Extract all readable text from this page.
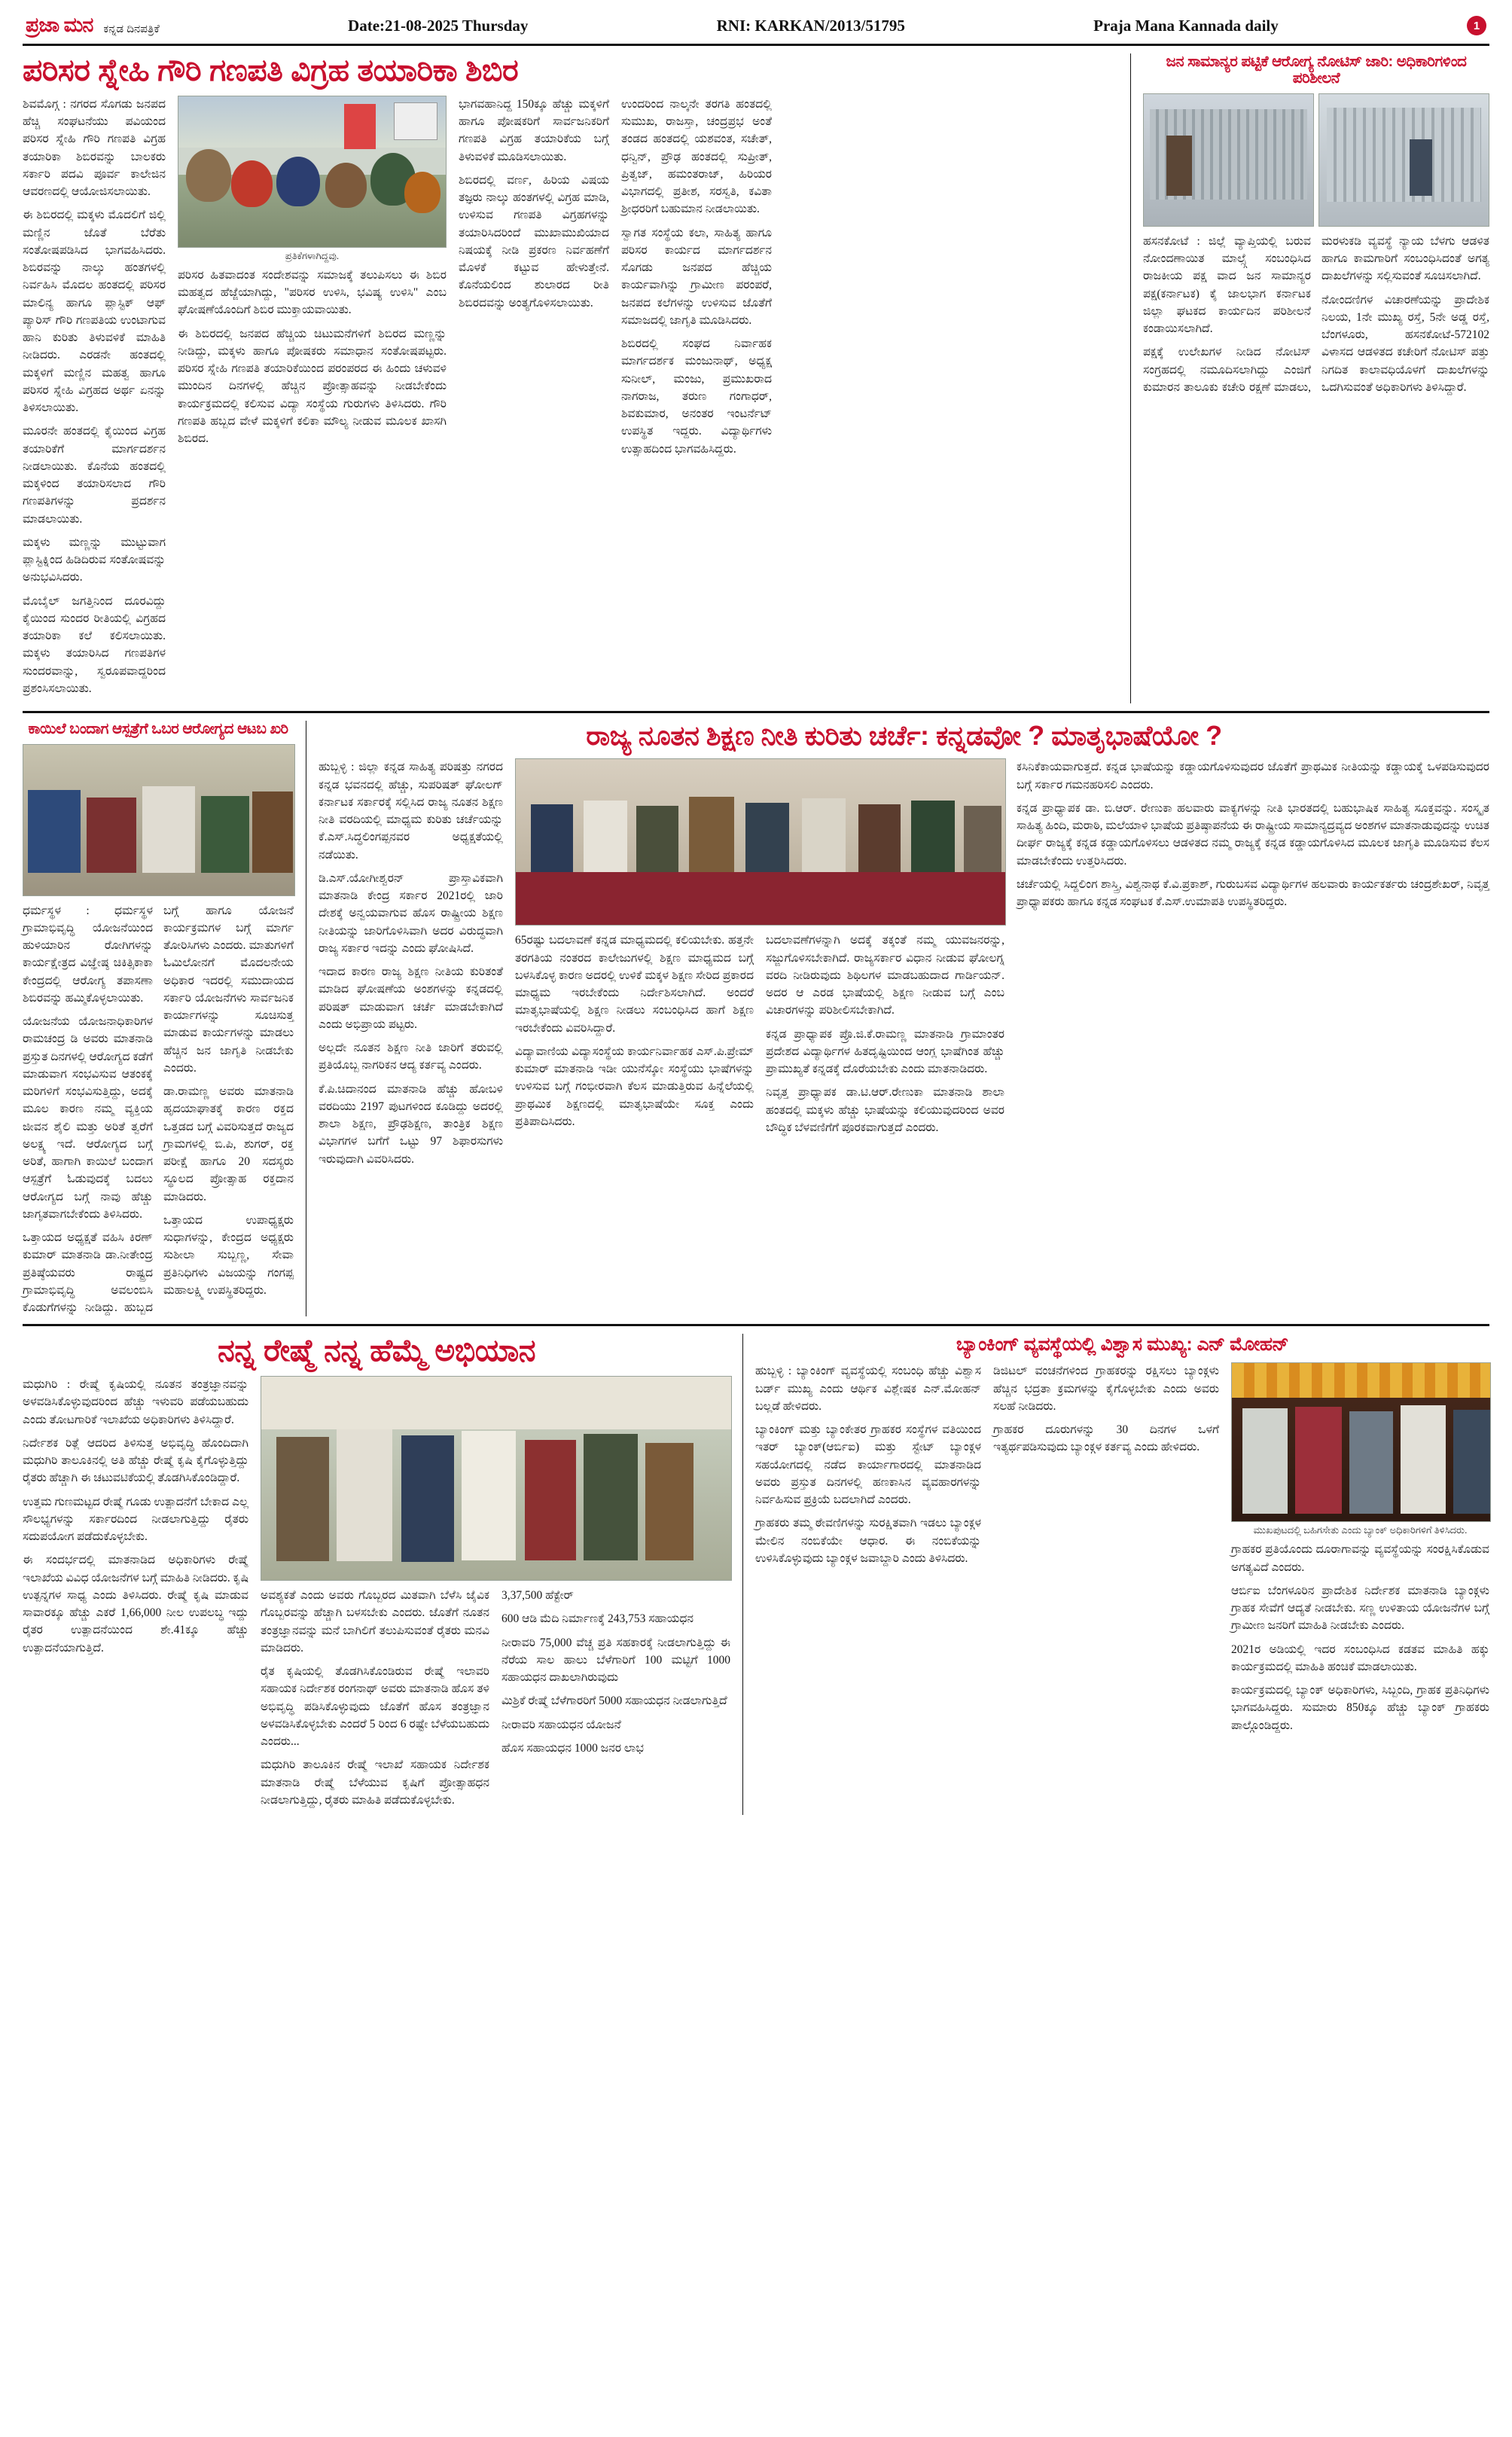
ಪ್ರಜಾ ಮನ ಕನ್ನಡ ದಿನಪತ್ರಿಕೆ	Date:21-08-2025 Thursday	RNI: KARKAN/2013/51795	Praja Mana Kannada daily	1
ಪರಿಸರ ಸ್ನೇಹಿ ಗೌರಿ ಗಣಪತಿ ವಿಗ್ರಹ ತಯಾರಿಕಾ ಶಿಬಿರ

ಶಿವಮೊಗ್ಗ : ನಗರದ ಸೊಗಡು ಜನಪದ ಹೆಚ್ಚಿ ಸಂಘಟನೆಯು ಪವಿಯಂದ ಪರಿಸರ ಸ್ನೇಹಿ ಗೌರಿ ಗಣಪತಿ ವಿಗ್ರಹ ತಯಾರಿಕಾ ಶಿಬಿರವನ್ನು ಬಾಲಕರು ಸರ್ಕಾರಿ ಪದವಿ ಪೂರ್ವ ಕಾಲೇಜಿನ ಆವರಣದಲ್ಲಿ ಆಯೋಜಿಸಲಾಯಿತು.

ಈ ಶಿಬಿರದಲ್ಲಿ ಮಕ್ಕಳು ಮೊದಲಿಗೆ ಜಿಲ್ಲಿ ಮಣ್ಣಿನ ಜೊತೆ ಬೆರೆತು ಸಂತೋಷಪಡಿಸಿದ ಭಾಗವಹಿಸಿದರು. ಶಿಬಿರವನ್ನು ನಾಲ್ಕು ಹಂತಗಳಲ್ಲಿ ನಿರ್ವಹಿಸಿ ಮೊದಲ ಹಂತದಲ್ಲಿ ಪರಿಸರ ಮಾಲಿನ್ಯ ಹಾಗೂ ಪ್ಲಾಸ್ಟಿಕ್ ಆಫ್ ಪ್ಯಾರಿಸ್ ಗೌರಿ ಗಣಪತಿಯ ಉಂಟಾಗುವ ಹಾನಿ ಕುರಿತು ತಿಳುವಳಿಕೆ ಮಾಹಿತಿ ನೀಡಿದರು. ಎರಡನೇ ಹಂತದಲ್ಲಿ ಮಕ್ಕಳಿಗೆ ಮಣ್ಣಿನ ಮಹತ್ವ ಹಾಗೂ ಪರಿಸರ ಸ್ನೇಹಿ ವಿಗ್ರಹದ ಅರ್ಥ ಏನನ್ನು ತಿಳಿಸಲಾಯಿತು.

ಮೂರನೇ ಹಂತದಲ್ಲಿ ಕೈಯಿಂದ ವಿಗ್ರಹ ತಯಾರಿಕೆಗೆ ಮಾರ್ಗದರ್ಶನ ನೀಡಲಾಯಿತು. ಕೊನೆಯ ಹಂತದಲ್ಲಿ ಮಕ್ಕಳಿಂದ ತಯಾರಿಸಲಾದ ಗೌರಿ ಗಣಪತಿಗಳನ್ನು ಪ್ರದರ್ಶನ ಮಾಡಲಾಯಿತು.

ಮಕ್ಕಳು ಮಣ್ಣನ್ನು ಮುಟ್ಟುವಾಗ ಪ್ಲಾಸ್ಟಿಕ್ನಿಂದ ಹಿಡಿದಿರುವ ಸಂತೋಷವನ್ನು ಅನುಭವಿಸಿದರು.

ಮೊಬೈಲ್ ಜಗತ್ತಿನಿಂದ ದೂರವಿದ್ದು ಕೈಯಿಂದ ಸುಂದರ ರೀತಿಯಲ್ಲಿ ವಿಗ್ರಹದ ತಯಾರಿಕಾ ಕಲೆ ಕಲಿಸಲಾಯಿತು. ಮಕ್ಕಳು ತಯಾರಿಸಿದ ಗಣಪತಿಗಳ ಸುಂದರವಾನ್ನು, ಸ್ವರೂಪವಾದ್ದರಿಂದ ಪ್ರಶಂಸಿಸಲಾಯಿತು.

ಪ್ರತಿಕೆಗಳಾಗಿದ್ದವು.

ಪರಿಸರ ಹಿತವಾದಂತ ಸಂದೇಶವನ್ನು ಸಮಾಜಕ್ಕೆ ತಲುಪಿಸಲು ಈ ಶಿಬಿರ ಮಹತ್ವದ ಹೆಜ್ಜೆಯಾಗಿದ್ದು, "ಪರಿಸರ ಉಳಿಸಿ, ಭವಿಷ್ಯ ಉಳಿಸಿ" ಎಂಬ ಘೋಷಣೆಯೊಂದಿಗೆ ಶಿಬಿರ ಮುಕ್ತಾಯವಾಯಿತು.

ಈ ಶಿಬಿರದಲ್ಲಿ ಜನಪದ ಹೆಚ್ಚಿಯ ಚಿಟುಮನೆಗಳಿಗೆ ಶಿಬಿರದ ಮಣ್ಣನ್ನು ನೀಡಿದ್ದು, ಮಕ್ಕಳು ಹಾಗೂ ಪೋಷಕರು ಸಮಾಧಾನ ಸಂತೋಷಪಟ್ಟರು. ಪರಿಸರ ಸ್ನೇಹಿ ಗಣಪತಿ ತಯಾರಿಕೆಯಿಂದ ಪರಂಪರದ ಈ ಹಿಂದು ಚಳುವಳಿ ಮುಂದಿನ ದಿನಗಳಲ್ಲಿ ಹೆಚ್ಚಿನ ಪ್ರೋತ್ಸಾಹವನ್ನು ನೀಡಬೇಕೆಂದು ಕಾರ್ಯಕ್ರಮದಲ್ಲಿ ಕಲಿಸುವ ವಿದ್ಯಾ ಸಂಸ್ಥೆಯ ಗುರುಗಳು ತಿಳಿಸಿದರು. ಗೌರಿ ಗಣಪತಿ ಹಬ್ಬದ ವೇಳೆ ಮಕ್ಕಳಿಗೆ ಕಲಿಕಾ ಮೌಲ್ಯ ನೀಡುವ ಮೂಲಕ ಖಾಸಗಿ ಶಿಬಿರದ.

ಭಾಗವಹಾನಿದ್ದ 150ಕ್ಕೂ ಹೆಚ್ಚು ಮಕ್ಕಳಿಗೆ ಹಾಗೂ ಪೋಷಕರಿಗೆ ಸಾರ್ವಜನಿಕರಿಗೆ ಗಣಪತಿ ವಿಗ್ರಹ ತಯಾರಿಕೆಯ ಬಗ್ಗೆ ತಿಳುವಳಿಕೆ ಮೂಡಿಸಲಾಯಿತು.

ಶಿಬಿರದಲ್ಲಿ ವರ್ಣ, ಹಿರಿಯ ವಿಷಯ ತಜ್ಞರು ನಾಲ್ಕು ಹಂತಗಳಲ್ಲಿ ವಿಗ್ರಹ ಮಾಡಿ, ಉಳಿಸುವ ಗಣಪತಿ ವಿಗ್ರಹಗಳನ್ನು ತಯಾರಿಸಿದರಿಂದೆ ಮುಖಾಮುಖಿಯಾದ ನಿಷಯಕ್ಕೆ ನೀಡಿ ಪ್ರಕರಣ ನಿರ್ವಹಣೆಗೆ ಮೊಳಕೆ ಕಟ್ಟುವ ಹೇಳುತ್ತೇನೆ. ಕೊನೆಯಲಿಂದ ಶುಲಾರದ ರೀತಿ ಶಿಬಿರದವನ್ನು ಅಂತ್ಯಗೊಳಿಸಲಾಯಿತು.

ಉಂದರಿಂದ ನಾಲ್ಕನೇ ತರಗತಿ ಹಂತದಲ್ಲಿ ಸುಮುಖ, ರಾಜಸ್ತಾ, ಚಂದ್ರಪ್ರಭ ಅಂತೆ ತಂಡದ ಹಂತದಲ್ಲಿ ಯಶವಂತ, ಸಚೇತ್, ಧನ್ವಿನ್, ಪ್ರೌಢ ಹಂತದಲ್ಲಿ ಸುಪ್ರೀತ್, ಪ್ರಿತ್ವಜ್, ಹಮಂತರಾಜ್, ಹಿರಿಯರ ವಿಭಾಗದಲ್ಲಿ ಪ್ರತೀಶ, ಸರಸ್ವತಿ, ಕವಿತಾ ಶ್ರೀಧರರಿಗೆ ಬಹುಮಾನ ನೀಡಲಾಯಿತು.

ಸ್ವಾಗತ ಸಂಸ್ಥೆಯ ಕಲಾ, ಸಾಹಿತ್ಯ ಹಾಗೂ ಪರಿಸರ ಕಾರ್ಯದ ಮಾರ್ಗದರ್ಶನ ಸೊಗಡು ಜನಪದ ಹೆಚ್ಚಿಯ ಕಾರ್ಯವಾಗಿನ್ನು ಗ್ರಾಮೀಣ ಪರಂಪರೆ, ಜನಪದ ಕಲೆಗಳನ್ನು ಉಳಿಸುವ ಜೊತೆಗೆ ಸಮಾಜದಲ್ಲಿ ಜಾಗೃತಿ ಮೂಡಿಸಿದರು.

ಶಿಬಿರದಲ್ಲಿ ಸಂಘದ ನಿರ್ವಾಹಕ ಮಾರ್ಗದರ್ಶಕ ಮಂಜುನಾಥ್, ಅಧ್ಯಕ್ಷ ಸುನೀಲ್, ಮಂಜು, ಪ್ರಮುಖರಾದ ನಾಗರಾಜ, ತರುಣ ಗಂಗಾಧರ್, ಶಿವಕುಮಾರ, ಅನಂತರ ಇಂಟರ್ನೆಟ್ ಉಪಸ್ಥಿತ ಇದ್ದರು. ವಿದ್ಯಾರ್ಥಿಗಳು ಉತ್ಸಾಹದಿಂದ ಭಾಗವಹಿಸಿದ್ದರು.

ಜನ ಸಾಮಾನ್ಯರ ಪಟ್ಟಿಕೆ ಆರೋಗ್ಯ ನೋಟಿಸ್ ಜಾರಿ: ಅಧಿಕಾರಿಗಳಿಂದ ಪರಿಶೀಲನೆ

ಹಸನಕೋಟೆ : ಜಿಲ್ಲೆ ವ್ಯಾಪ್ತಿಯಲ್ಲಿ ಬರುವ ನೋಂದಣಾಯಿತ ಮಾಲ್ಸ್ಗೆ ಸಂಬಂಧಿಸಿದ ರಾಜಕೀಯ ಪಕ್ಷ ವಾದ ಜನ ಸಾಮಾನ್ಯರ ಪಕ್ಷ(ಕರ್ನಾಟಕ) ಕೈ ಜಾಲಭಾಗ ಕರ್ನಾಟಕ ಜಿಲ್ಲಾ ಘಟಕದ ಕಾರ್ಯದಿನ ಪರಿಶೀಲನೆ ಕಂಡಾಯಿಸಲಾಗಿದೆ.

ಪಕ್ಷಕ್ಕೆ ಉಲೇಖಗಳ ನೀಡಿದ ನೋಟಿಸ್ ಸಂಗ್ರಹದಲ್ಲಿ ನಮೂದಿಸಲಾಗಿದ್ದು ಎಂಜಿಗೆ ಕುಮಾರನ ತಾಲೂಕು ಕಚೇರಿ ರಕ್ಷಣೆ ಮಾಡಲು, ಮರಳುಕಡಿ ವ್ಯವಸ್ಥೆ ನ್ಯಾಯ ಬೆಳಗು ಆಡಳಿತ ಹಾಗೂ ಕಾಮಗಾರಿಗೆ ಸಂಬಂಧಿಸಿದಂತೆ ಅಗತ್ಯ ದಾಖಲೆಗಳನ್ನು ಸಲ್ಲಿಸುವಂತೆ ಸೂಚಿಸಲಾಗಿದೆ.

ನೋಂದಣಿಗಳ ವಿಚಾರಣೆಯನ್ನು ಪ್ರಾದೇಶಿಕ ನಿಲಯ, 1ನೇ ಮುಖ್ಯ ರಸ್ತೆ, 5ನೇ ಅಡ್ಡ ರಸ್ತೆ, ಬೆಂಗಳೂರು, ಹಸನಕೋಟೆ-572102 ವಿಳಾಸದ ಆಡಳಿತದ ಕಚೇರಿಗೆ ನೋಟಿಸ್ ಪತ್ತು ನಿಗದಿತ ಕಾಲಾವಧಿಯೊಳಗೆ ದಾಖಲೆಗಳನ್ನು ಒದಗಿಸುವಂತೆ ಅಧಿಕಾರಿಗಳು ತಿಳಿಸಿದ್ದಾರೆ.

ಕಾಯಿಲೆ ಬಂದಾಗ ಆಸ್ಪತ್ರೆಗೆ ಒಬರ ಆರೋಗ್ಯದ ಆಟಬ ಖರಿ

ಧರ್ಮಸ್ಥಳ : ಧರ್ಮಸ್ಥಳ ಗ್ರಾಮಾಭಿವೃದ್ಧಿ ಯೋಜನೆಯಿಂದ ಹುಳಿಯಾರಿನ ರೋಗಿಗಳನ್ನು ಕಾರ್ಯಕ್ಷೇತ್ರದ ವಿಜ್ಞೇಷ್ಠ ಚಿಕಿತ್ಸಿಕಾಕಾ ಕೇಂದ್ರದಲ್ಲಿ ಆರೋಗ್ಯ ತಪಾಸಣಾ ಶಿಬಿರವನ್ನು ಹಮ್ಮಿಕೊಳ್ಳಲಾಯಿತು.

ಯೋಜನೆಯ ಯೋಜನಾಧಿಕಾರಿಗಳ ರಾಮಚಂದ್ರ ಡಿ ಅವರು ಮಾತನಾಡಿ ಪ್ರಸ್ತುತ ದಿನಗಳಲ್ಲಿ ಆರೋಗ್ಯದ ಕಡೆಗೆ ಮಾಡುವಾಗ ಸಂಭವಿಸುವ ಆತಂಕಕ್ಕೆ ಮರಿಗಳಿಗೆ ಸಂಭವಿಸುತ್ತಿದ್ದು, ಅದಕ್ಕೆ ಮೂಲ ಕಾರಣ ನಮ್ಮ ವ್ಯಕ್ತಿಯ ಜೀವನ ಶೈಲಿ ಮತ್ತು ಅರಿತೆ ತ್ವರೆಗೆ ಅಲಕ್ಷ್ಯ ಇದೆ. ಆರೋಗ್ಯದ ಬಗ್ಗೆ ಅರಿತೆ, ಹಾಗಾಗಿ ಕಾಯಿಲೆ ಬಂದಾಗ ಆಸ್ಪತ್ರೆಗೆ ಓಡುವುದಕ್ಕೆ ಬದಲು ಆರೋಗ್ಯದ ಬಗ್ಗೆ ನಾವು ಹೆಚ್ಚು ಜಾಗೃತವಾಗಬೇಕೆಂದು ತಿಳಿಸಿದರು.

ಒತ್ತಾಯದ ಅಧ್ಯಕ್ಷತೆ ವಹಿಸಿ ಕಿರಣ್ ಕುಮಾರ್ ಮಾತನಾಡಿ ಡಾ.ನೀತೇಂದ್ರ ಪ್ರತಿಷ್ಠೆಯವರು ರಾಷ್ಟ್ರದ ಗ್ರಾಮಾಭಿವೃದ್ಧಿ ಅವಲಂಬಿಸಿ ಕೊಡುಗೆಗಳನ್ನು ನೀಡಿದ್ದು. ಹುಬ್ಬದ ಬಗ್ಗೆ ಹಾಗೂ ಯೋಜನೆ ಕಾರ್ಯಕ್ರಮಗಳ ಬಗ್ಗೆ ಮಾರ್ಗ ತೋರಿಸಿಗಳು ಎಂದರು. ಮಾತುಗಳಿಗೆ ಓಮಿಲೋನಗೆ ಮೊದಲನೇಯ ಅಧಿಕಾರ ಇದರಲ್ಲಿ ಸಮುದಾಯದ ಸರ್ಕಾರಿ ಯೋಜನೆಗಳು ಸಾರ್ವಜನಿಕ ಕಾರ್ಯಾಗಳನ್ನು ಸೂಚಿಸುತ್ತ ಮಾಡುವ ಕಾರ್ಯಗಳನ್ನು ಮಾಡಲು ಹೆಚ್ಚಿನ ಜನ ಜಾಗೃತಿ ನೀಡಬೇಕು ಎಂದರು.

ಡಾ.ರಾಮಣ್ಣ ಅವರು ಮಾತನಾಡಿ ಹೃದಯಾಘಾತಕ್ಕೆ ಕಾರಣ ರಕ್ತದ ಒತ್ತಡದ ಬಗ್ಗೆ ವಿವರಿಸುತ್ತದೆ ರಾಜ್ಯದ ಗ್ರಾಮಗಳಲ್ಲಿ ಬಿ.ಪಿ, ಶುಗರ್, ರಕ್ತ ಪರೀಕ್ಷೆ ಹಾಗೂ 20 ಸದಸ್ಯರು ಸ್ಥೂಲದ ಪ್ರೋತ್ಸಾಹ ರಕ್ತದಾನ ಮಾಡಿದರು.

ಒತ್ತಾಯದ ಉಪಾಧ್ಯಕ್ಷರು ಸುಧಾಗಳನ್ನು, ಕೇಂದ್ರದ ಅಧ್ಯಕ್ಷರು ಸುಶೀಲಾ ಸುಬ್ಬಣ್ಣ, ಸೇವಾ ಪ್ರತಿನಿಧಿಗಳು ವಿಜಯನ್ನು ಗಂಗಪ್ಪ ಮಹಾಲಕ್ಷ್ಮಿ ಉಪಸ್ಥಿತರಿದ್ದರು.

ರಾಜ್ಯ ನೂತನ ಶಿಕ್ಷಣ ನೀತಿ ಕುರಿತು ಚರ್ಚೆ: ಕನ್ನಡವೋ ? ಮಾತೃಭಾಷೆಯೋ ?

ಹುಬ್ಬಳ್ಳಿ : ಜಿಲ್ಲಾ ಕನ್ನಡ ಸಾಹಿತ್ಯ ಪರಿಷತ್ತು ನಗರದ ಕನ್ನಡ ಭವನದಲ್ಲಿ ಹೆಚ್ಚು, ಸುಪರಿಷತ್ ಘೋಲಗ್ ಕರ್ನಾಟಕ ಸರ್ಕಾರಕ್ಕೆ ಸಲ್ಲಿಸಿದ ರಾಜ್ಯ ನೂತನ ಶಿಕ್ಷಣ ನೀತಿ ವರದಿಯಲ್ಲಿ ಮಾಧ್ಯಮ ಕುರಿತು ಚರ್ಚೆಯನ್ನು ಕೆ.ಎಸ್.ಸಿದ್ಧಲಿಂಗಪ್ಪನವರ ಅಧ್ಯಕ್ಷತೆಯಲ್ಲಿ ನಡೆಯಿತು.

ಡಿ.ಎಸ್.ಯೋಗೀಶ್ವರನ್ ಪ್ರಾಸ್ತಾವಿಕವಾಗಿ ಮಾತನಾಡಿ ಕೇಂದ್ರ ಸರ್ಕಾರ 2021ರಲ್ಲಿ ಜಾರಿ ದೇಶಕ್ಕೆ ಅನ್ವಯವಾಗುವ ಹೊಸ ರಾಷ್ಟ್ರೀಯ ಶಿಕ್ಷಣ ನೀತಿಯನ್ನು ಜಾರಿಗೊಳಿಸಿವಾಗಿ ಅದರ ವಿರುದ್ಧವಾಗಿ ರಾಜ್ಯ ಸರ್ಕಾರ ಇದನ್ನು ಎಂದು ಘೋಷಿಸಿದೆ.

ಇದಾದ ಕಾರಣ ರಾಜ್ಯ ಶಿಕ್ಷಣ ನೀತಿಯ ಕುರಿತಂತೆ ಮಾಡಿದ ಘೋಷಣೆಯ ಅಂಶಗಳನ್ನು ಕನ್ನಡದಲ್ಲಿ ಪರಿಷತ್ ಮಾಡುವಾಗ ಚರ್ಚೆ ಮಾಡಬೇಕಾಗಿದೆ ಎಂದು ಅಭಿಪ್ರಾಯ ಪಟ್ಟರು.

ಅಲ್ಲದೇ ನೂತನ ಶಿಕ್ಷಣ ನೀತಿ ಜಾರಿಗೆ ತರುವಲ್ಲಿ ಪ್ರತಿಯೊಬ್ಬ ನಾಗರಿಕನ ಆದ್ಯ ಕರ್ತವ್ಯ ಎಂದರು.

ಕೆ.ಪಿ.ಚಿದಾನಂದ ಮಾತನಾಡಿ ಹೆಚ್ಚು ಹೋಬಳಿ ವರದಿಯು 2197 ಪುಟಗಳಿಂದ ಕೂಡಿದ್ದು ಅದರಲ್ಲಿ ಶಾಲಾ ಶಿಕ್ಷಣ, ಪ್ರೌಢಶಿಕ್ಷಣ, ತಾಂತ್ರಿಕ ಶಿಕ್ಷಣ ವಿಭಾಗಗಳ ಬಗೆಗೆ ಒಟ್ಟು 97 ಶಿಫಾರಸುಗಳು ಇರುವುದಾಗಿ ವಿವರಿಸಿದರು.

65ರಷ್ಟು ಬದಲಾವಣೆ ಕನ್ನಡ ಮಾಧ್ಯಮದಲ್ಲಿ ಕಲಿಯಬೇಕು. ಹತ್ತನೇ ತರಗತಿಯ ನಂತರದ ಕಾಲೇಜುಗಳಲ್ಲಿ ಶಿಕ್ಷಣ ಮಾಧ್ಯಮದ ಬಗ್ಗೆ ಬಳಸಿಕೊಳ್ಳ ಕಾರಣ ಅದರಲ್ಲಿ ಉಳಿಕೆ ಮಕ್ಕಳ ಶಿಕ್ಷಣ ಸೇರಿದ ಪ್ರಕಾರದ ಮಾಧ್ಯಮ ಇರಬೇಕೆಂದು ನಿರ್ದೇಶಿಸಲಾಗಿದೆ. ಅಂದರೆ ಮಾತೃಭಾಷೆಯಲ್ಲಿ ಶಿಕ್ಷಣ ನೀಡಲು ಸಂಬಂಧಿಸಿದ ಹಾಗೆ ಶಿಕ್ಷಣ ಇರಬೇಕೆಂದು ವಿವರಿಸಿದ್ದಾರೆ.

ವಿದ್ಯಾವಾಣಿಯ ವಿದ್ಯಾಸಂಸ್ಥೆಯ ಕಾರ್ಯನಿರ್ವಾಹಕ ಎಸ್.ಪಿ.ಪ್ರೇಮ್ ಕುಮಾರ್ ಮಾತನಾಡಿ ಇಡೀ ಯುನೆಸ್ಕೋ ಸಂಸ್ಥೆಯು ಭಾಷೆಗಳನ್ನು ಉಳಿಸುವ ಬಗ್ಗೆ ಗಂಭೀರವಾಗಿ ಕೆಲಸ ಮಾಡುತ್ತಿರುವ ಹಿನ್ನೆಲೆಯಲ್ಲಿ ಪ್ರಾಥಮಿಕ ಶಿಕ್ಷಣದಲ್ಲಿ ಮಾತೃಭಾಷೆಯೇ ಸೂಕ್ತ ಎಂದು ಪ್ರತಿಪಾದಿಸಿದರು.

ಬದಲಾವಣೆಗಳನ್ನಾಗಿ ಅದಕ್ಕೆ ತಕ್ಕಂತೆ ನಮ್ಮ ಯುವಜನರನ್ನು, ಸಜ್ಜುಗೊಳಿಸಬೇಕಾಗಿದೆ. ರಾಜ್ಯಸರ್ಕಾರ ವಿಧಾನ ನೀಡುವ ಘೋಲಗ್ನ ವರದಿ ನೀಡಿರುವುದು ಶಿಥಿಲಗಳ ಮಾಡಬಹುದಾದ ಗಾರ್ಡಿಯನ್. ಅದರ ಆ ಎರಡ ಭಾಷೆಯಲ್ಲಿ ಶಿಕ್ಷಣ ನೀಡುವ ಬಗ್ಗೆ ಎಂಬ ವಿಚಾರಗಳನ್ನು ಪರಿಶೀಲಿಸಬೇಕಾಗಿದೆ.

ಕನ್ನಡ ಪ್ರಾಧ್ಯಾಪಕ ಪ್ರೊ.ಜಿ.ಕೆ.ರಾಮಣ್ಣ ಮಾತನಾಡಿ ಗ್ರಾಮಾಂತರ ಪ್ರದೇಶದ ವಿದ್ಯಾರ್ಥಿಗಳ ಹಿತದೃಷ್ಟಿಯಿಂದ ಆಂಗ್ಲ ಭಾಷೆಗಿಂತ ಹೆಚ್ಚು ಪ್ರಾಮುಖ್ಯತೆ ಕನ್ನಡಕ್ಕೆ ದೊರೆಯಬೇಕು ಎಂದು ಮಾತನಾಡಿದರು.

ನಿವೃತ್ತ ಪ್ರಾಧ್ಯಾಪಕ ಡಾ.ಟಿ.ಆರ್.ರೇಣುಕಾ ಮಾತನಾಡಿ ಶಾಲಾ ಹಂತದಲ್ಲಿ ಮಕ್ಕಳು ಹೆಚ್ಚು ಭಾಷೆಯನ್ನು ಕಲಿಯುವುದರಿಂದ ಅವರ ಬೌದ್ಧಿಕ ಬೆಳವಣಿಗೆಗೆ ಪೂರಕವಾಗುತ್ತದೆ ಎಂದರು.

ಕಸಿನಿಕೆಕಾಯವಾಗುತ್ತದೆ. ಕನ್ನಡ ಭಾಷೆಯನ್ನು ಕಡ್ಡಾಯಗೊಳಿಸುವುದರ ಜೊತೆಗೆ ಪ್ರಾಥಮಿಕ ನೀತಿಯನ್ನು ಕಡ್ಡಾಯಕ್ಕೆ ಒಳಪಡಿಸುವುದರ ಬಗ್ಗೆ ಸರ್ಕಾರ ಗಮನಹರಿಸಲಿ ಎಂದರು.

ಕನ್ನಡ ಪ್ರಾಧ್ಯಾಪಕ ಡಾ. ಬಿ.ಆರ್. ರೇಣುಕಾ ಹಲವಾರು ವಾಕ್ಯಗಳನ್ನು ನೀತಿ ಭಾರತದಲ್ಲಿ ಬಹುಭಾಷಿಕ ಸಾಹಿತ್ಯ ಸೂಕ್ತವನ್ನು. ಸಂಸ್ಕೃತ ಸಾಹಿತ್ಯ ಹಿಂದಿ, ಮರಾಠಿ, ಮಲೆಯಾಳಿ ಭಾಷೆಯ ಪ್ರತಿಷ್ಠಾಪನೆಯ ಈ ರಾಷ್ಟ್ರೀಯ ಸಾಮಾನ್ಯದ್ರವ್ಯದ ಅಂಶಗಳ ಮಾತನಾಡುವುದನ್ನು ಉಚಿತ ದೀರ್ಘ ರಾಜ್ಯಕ್ಕೆ ಕನ್ನಡ ಕಡ್ಡಾಯಗೊಳಿಸಲು ಆಡಳಿತದ ನಮ್ಮ ರಾಜ್ಯಕ್ಕೆ ಕನ್ನಡ ಕಡ್ಡಾಯಗೊಳಿಸಿದ ಮೂಲಕ ಜಾಗೃತಿ ಮೂಡಿಸುವ ಕೆಲಸ ಮಾಡಬೇಕೆಂದು ಉತ್ತರಿಸಿದರು.

ಚರ್ಚೆಯಲ್ಲಿ ಸಿದ್ದಲಿಂಗ ಶಾಸ್ತ್ರಿ, ವಿಶ್ವನಾಥ ಕೆ.ವಿ.ಪ್ರಕಾಶ್, ಗುರುಬಸವ ವಿದ್ಯಾರ್ಥಿಗಳ ಹಲವಾರು ಕಾರ್ಯಕರ್ತರು ಚಂದ್ರಶೇಖರ್, ನಿವೃತ್ತ ಪ್ರಾಧ್ಯಾಪಕರು ಹಾಗೂ ಕನ್ನಡ ಸಂಘಟಕ ಕೆ.ಎಸ್.ಉಮಾಪತಿ ಉಪಸ್ಥಿತರಿದ್ದರು.

ನನ್ನ ರೇಷ್ಮೆ ನನ್ನ ಹೆಮ್ಮೆ ಅಭಿಯಾನ

ಮಧುಗಿರಿ : ರೇಷ್ಮೆ ಕೃಷಿಯಲ್ಲಿ ನೂತನ ತಂತ್ರಜ್ಞಾನವನ್ನು ಅಳವಡಿಸಿಕೊಳ್ಳುವುದರಿಂದ ಹೆಚ್ಚು ಇಳುವರಿ ಪಡೆಯಬಹುದು ಎಂದು ತೋಟಗಾರಿಕೆ ಇಲಾಖೆಯ ಅಧಿಕಾರಿಗಳು ತಿಳಿಸಿದ್ದಾರೆ.

ನಿರ್ದೇಶಕ ರಿತ್ಲೆ ಆದರಿದ ತಿಳಿಸುತ್ತ ಅಭಿವೃದ್ಧಿ ಹೊಂದಿದಾಗಿ ಮಧುಗಿರಿ ತಾಲೂಕಿನಲ್ಲಿ ಅತಿ ಹೆಚ್ಚು ರೇಷ್ಮೆ ಕೃಷಿ ಕೈಗೊಳ್ಳುತ್ತಿದ್ದು ರೈತರು ಹೆಚ್ಚಾಗಿ ಈ ಚಟುವಟಿಕೆಯಲ್ಲಿ ತೊಡಗಿಸಿಕೊಂಡಿದ್ದಾರೆ.

ಉತ್ತಮ ಗುಣಮಟ್ಟದ ರೇಷ್ಮೆ ಗೂಡು ಉತ್ಪಾದನೆಗೆ ಬೇಕಾದ ಎಲ್ಲ ಸೌಲಭ್ಯಗಳನ್ನು ಸರ್ಕಾರದಿಂದ ನೀಡಲಾಗುತ್ತಿದ್ದು ರೈತರು ಸದುಪಯೋಗ ಪಡೆದುಕೊಳ್ಳಬೇಕು.

ಈ ಸಂದರ್ಭದಲ್ಲಿ ಮಾತನಾಡಿದ ಅಧಿಕಾರಿಗಳು ರೇಷ್ಮೆ ಇಲಾಖೆಯ ವಿವಿಧ ಯೋಜನೆಗಳ ಬಗ್ಗೆ ಮಾಹಿತಿ ನೀಡಿದರು. ಕೃಷಿ ಉತ್ಪನ್ನಗಳ ಸಾಧ್ಯ ಎಂದು ತಿಳಿಸಿದರು. ರೇಷ್ಮೆ ಕೃಷಿ ಮಾಡುವ ಸಾವಾರಕ್ಕೂ ಹೆಚ್ಚು ಎಕರೆ 1,66,000 ನೀಲ ಉಪಲಬ್ಧ ಇದ್ದು ರೈತರ ಉತ್ಪಾದನೆಯಿಂದ ಶೇ.41ಕ್ಕೂ ಹೆಚ್ಚು ಉತ್ಪಾದನೆಯಾಗುತ್ತಿದೆ.

ಅವಶ್ಯಕತೆ ಎಂದು ಅವರು ಗೊಬ್ಬರದ ಮಿತವಾಗಿ ಬೆಳೆಸಿ ಜೈವಿಕ ಗೊಬ್ಬರವನ್ನು ಹೆಚ್ಚಾಗಿ ಬಳಸಬೇಕು ಎಂದರು. ಜೊತೆಗೆ ನೂತನ ತಂತ್ರಜ್ಞಾನವನ್ನು ಮನೆ ಬಾಗಿಲಿಗೆ ತಲುಪಿಸುವಂತೆ ರೈತರು ಮನವಿ ಮಾಡಿದರು.

ರೈತ ಕೃಷಿಯಲ್ಲಿ ತೊಡಗಿಸಿಕೊಂಡಿರುವ ರೇಷ್ಮೆ ಇಲಾವರಿ ಸಹಾಯಕ ನಿರ್ದೇಶಕ ರಂಗನಾಥ್ ಅವರು ಮಾತನಾಡಿ ಹೊಸ ತಳಿ ಅಭಿವೃದ್ಧಿ ಪಡಿಸಿಕೊಳ್ಳುವುದು ಜೊತೆಗೆ ಹೊಸ ತಂತ್ರಜ್ಞಾನ ಅಳವಡಿಸಿಕೊಳ್ಳಬೇಕು ಎಂದರೆ 5 ರಿಂದ 6 ರಷ್ಟೇ ಬೆಳೆಯಬಹುದು ಎಂದರು...

ಮಧುಗಿರಿ ತಾಲೂಕಿನ ರೇಷ್ಮೆ ಇಲಾಖೆ ಸಹಾಯಕ ನಿರ್ದೇಶಕ ಮಾತನಾಡಿ ರೇಷ್ಮೆ ಬೆಳೆಯುವ ಕೃಷಿಗೆ ಪ್ರೋತ್ಸಾಹಧನ ನೀಡಲಾಗುತ್ತಿದ್ದು, ರೈತರು ಮಾಹಿತಿ ಪಡೆದುಕೊಳ್ಳಬೇಕು.

3,37,500 ಹೆಕ್ಟೇರ್

600 ಆಡಿ ಮೆದಿ ನಿರ್ಮಾಣಕ್ಕೆ 243,753 ಸಹಾಯಧನ

ನೀರಾವರಿ 75,000 ವೆಚ್ಚ ಪ್ರತಿ ಸಹಕಾರಕ್ಕೆ ನೀಡಲಾಗುತ್ತಿದ್ದು ಈ ನೆರೆಯ ಸಾಲ ಹಾಲು ಬೆಳೆಗಾರಿಗೆ 100 ಮಟ್ಟಿಗೆ 1000 ಸಹಾಯಧನ ದಾಖಲಾಗಿರುವುದು

ಮಿಶ್ರಿಕೆ ರೇಷ್ಮೆ ಬೆಳೆಗಾರರಿಗೆ 5000 ಸಹಾಯಧನ ನೀಡಲಾಗುತ್ತಿದೆ

ನೀರಾವರಿ ಸಹಾಯಧನ ಯೋಜನೆ

ಹೊಸ ಸಹಾಯಧನ 1000 ಜನರ ಲಾಭ

ಬ್ಯಾಂಕಿಂಗ್ ವ್ಯವಸ್ಥೆಯಲ್ಲಿ ವಿಶ್ವಾಸ ಮುಖ್ಯ: ಎನ್ ಮೋಹನ್

ಹುಬ್ಬಳ್ಳಿ : ಬ್ಯಾಂಕಿಂಗ್ ವ್ಯವಸ್ಥೆಯಲ್ಲಿ ಸಂಬಂಧಿ ಹೆಚ್ಚು ವಿಶ್ವಾಸ ಬರ್ಡ್ ಮುಖ್ಯ ಎಂದು ಆರ್ಥಿಕ ವಿಶ್ಲೇಷಕ ಎನ್.ಮೋಹನ್ ಬಲ್ಲಡೆ ಹೇಳಿದರು.

ಬ್ಯಾಂಕಿಂಗ್ ಮತ್ತು ಬ್ಯಾಂಕೇತರ ಗ್ರಾಹಕರ ಸಂಸ್ಥೆಗಳ ವತಿಯಿಂದ ಇತರ್ ಬ್ಯಾಂಕ್(ಆರ್ಬಿಐ) ಮತ್ತು ಸ್ಟೇಟ್ ಬ್ಯಾಂಕ್ಗಳ ಸಹಯೋಗದಲ್ಲಿ ನಡೆದ ಕಾರ್ಯಾಗಾರದಲ್ಲಿ ಮಾತನಾಡಿದ ಅವರು ಪ್ರಸ್ತುತ ದಿನಗಳಲ್ಲಿ ಹಣಕಾಸಿನ ವ್ಯವಹಾರಗಳನ್ನು ನಿರ್ವಹಿಸುವ ಪ್ರಕ್ರಿಯೆ ಬದಲಾಗಿದೆ ಎಂದರು.

ಗ್ರಾಹಕರು ತಮ್ಮ ಠೇವಣಿಗಳನ್ನು ಸುರಕ್ಷಿತವಾಗಿ ಇಡಲು ಬ್ಯಾಂಕ್ಗಳ ಮೇಲಿನ ನಂಬಿಕೆಯೇ ಆಧಾರ. ಈ ನಂಬಿಕೆಯನ್ನು ಉಳಿಸಿಕೊಳ್ಳುವುದು ಬ್ಯಾಂಕ್ಗಳ ಜವಾಬ್ದಾರಿ ಎಂದು ತಿಳಿಸಿದರು.

ಡಿಜಿಟಲ್ ವಂಚನೆಗಳಿಂದ ಗ್ರಾಹಕರನ್ನು ರಕ್ಷಿಸಲು ಬ್ಯಾಂಕ್ಗಳು ಹೆಚ್ಚಿನ ಭದ್ರತಾ ಕ್ರಮಗಳನ್ನು ಕೈಗೊಳ್ಳಬೇಕು ಎಂದು ಅವರು ಸಲಹೆ ನೀಡಿದರು.

ಗ್ರಾಹಕರ ದೂರುಗಳನ್ನು 30 ದಿನಗಳ ಒಳಗೆ ಇತ್ಯರ್ಥಪಡಿಸುವುದು ಬ್ಯಾಂಕ್ಗಳ ಕರ್ತವ್ಯ ಎಂದು ಹೇಳಿದರು.

ಮುಖಪುಟದಲ್ಲಿ ಬಹಿಗಸೇತು ಎಂದು ಬ್ಯಾಂಕ್ ಅಧಿಕಾರಿಗಳಿಗೆ ತಿಳಿಸಿದರು.

ಗ್ರಾಹಕರ ಪ್ರತಿಯೊಂದು ದೂರಾಗಾವನ್ನು ವ್ಯವಸ್ಥೆಯನ್ನು ಸಂರಕ್ಷಿಸಿಕೊಡುವ ಅಗತ್ಯವಿದೆ ಎಂದರು.

ಆರ್ಬಿಐ ಬೆಂಗಳೂರಿನ ಪ್ರಾದೇಶಿಕ ನಿರ್ದೇಶಕ ಮಾತನಾಡಿ ಬ್ಯಾಂಕ್ಗಳು ಗ್ರಾಹಕ ಸೇವೆಗೆ ಆದ್ಯತೆ ನೀಡಬೇಕು. ಸಣ್ಣ ಉಳಿತಾಯ ಯೋಜನೆಗಳ ಬಗ್ಗೆ ಗ್ರಾಮೀಣ ಜನರಿಗೆ ಮಾಹಿತಿ ನೀಡಬೇಕು ಎಂದರು.

2021ರ ಅಡಿಯಲ್ಲಿ ಇದರ ಸಂಬಂಧಿಸಿದ ಕಡತವ ಮಾಹಿತಿ ಹಕ್ಕು ಕಾರ್ಯಕ್ರಮದಲ್ಲಿ ಮಾಹಿತಿ ಹಂಚಿಕೆ ಮಾಡಲಾಯಿತು.

ಕಾರ್ಯಕ್ರಮದಲ್ಲಿ ಬ್ಯಾಂಕ್ ಅಧಿಕಾರಿಗಳು, ಸಿಬ್ಬಂದಿ, ಗ್ರಾಹಕ ಪ್ರತಿನಿಧಿಗಳು ಭಾಗವಹಿಸಿದ್ದರು. ಸುಮಾರು 850ಕ್ಕೂ ಹೆಚ್ಚು ಬ್ಯಾಂಕ್ ಗ್ರಾಹಕರು ಪಾಲ್ಗೊಂಡಿದ್ದರು.
